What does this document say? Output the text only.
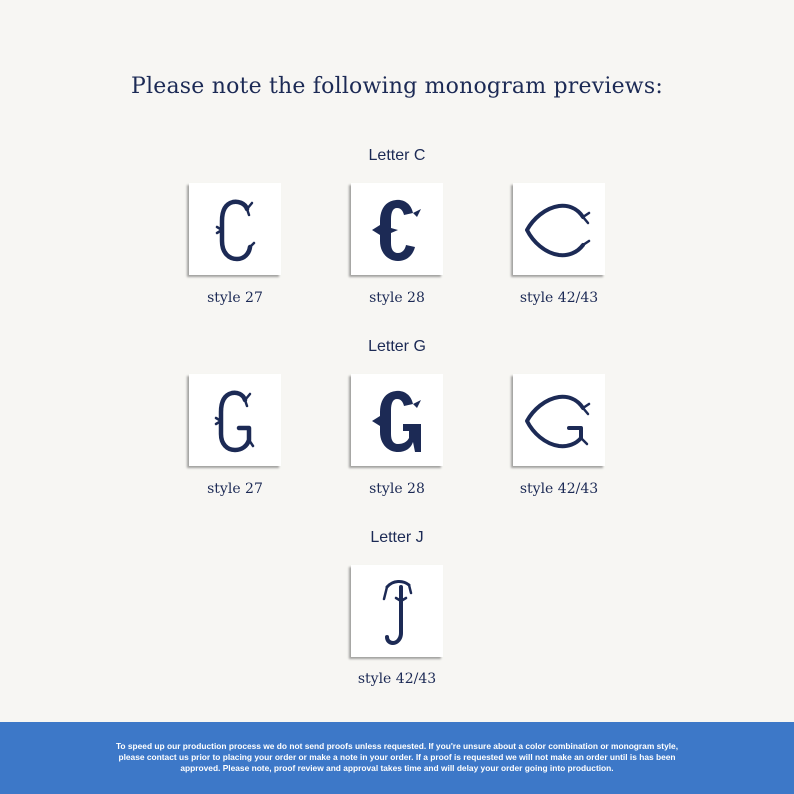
Please note the following monogram previews:
Letter C
style 27	style 28	style 42/43
Letter G
style 27	style 28	style 42/43
Letter J
style 42/43
To speed up our production process we do not send proofs unless requested. If you're unsure about a color combination or monogram style, please contact us prior to placing your order or make a note in your order. If a proof is requested we will not make an order until is has been approved. Please note, proof review and approval takes time and will delay your order going into production.
